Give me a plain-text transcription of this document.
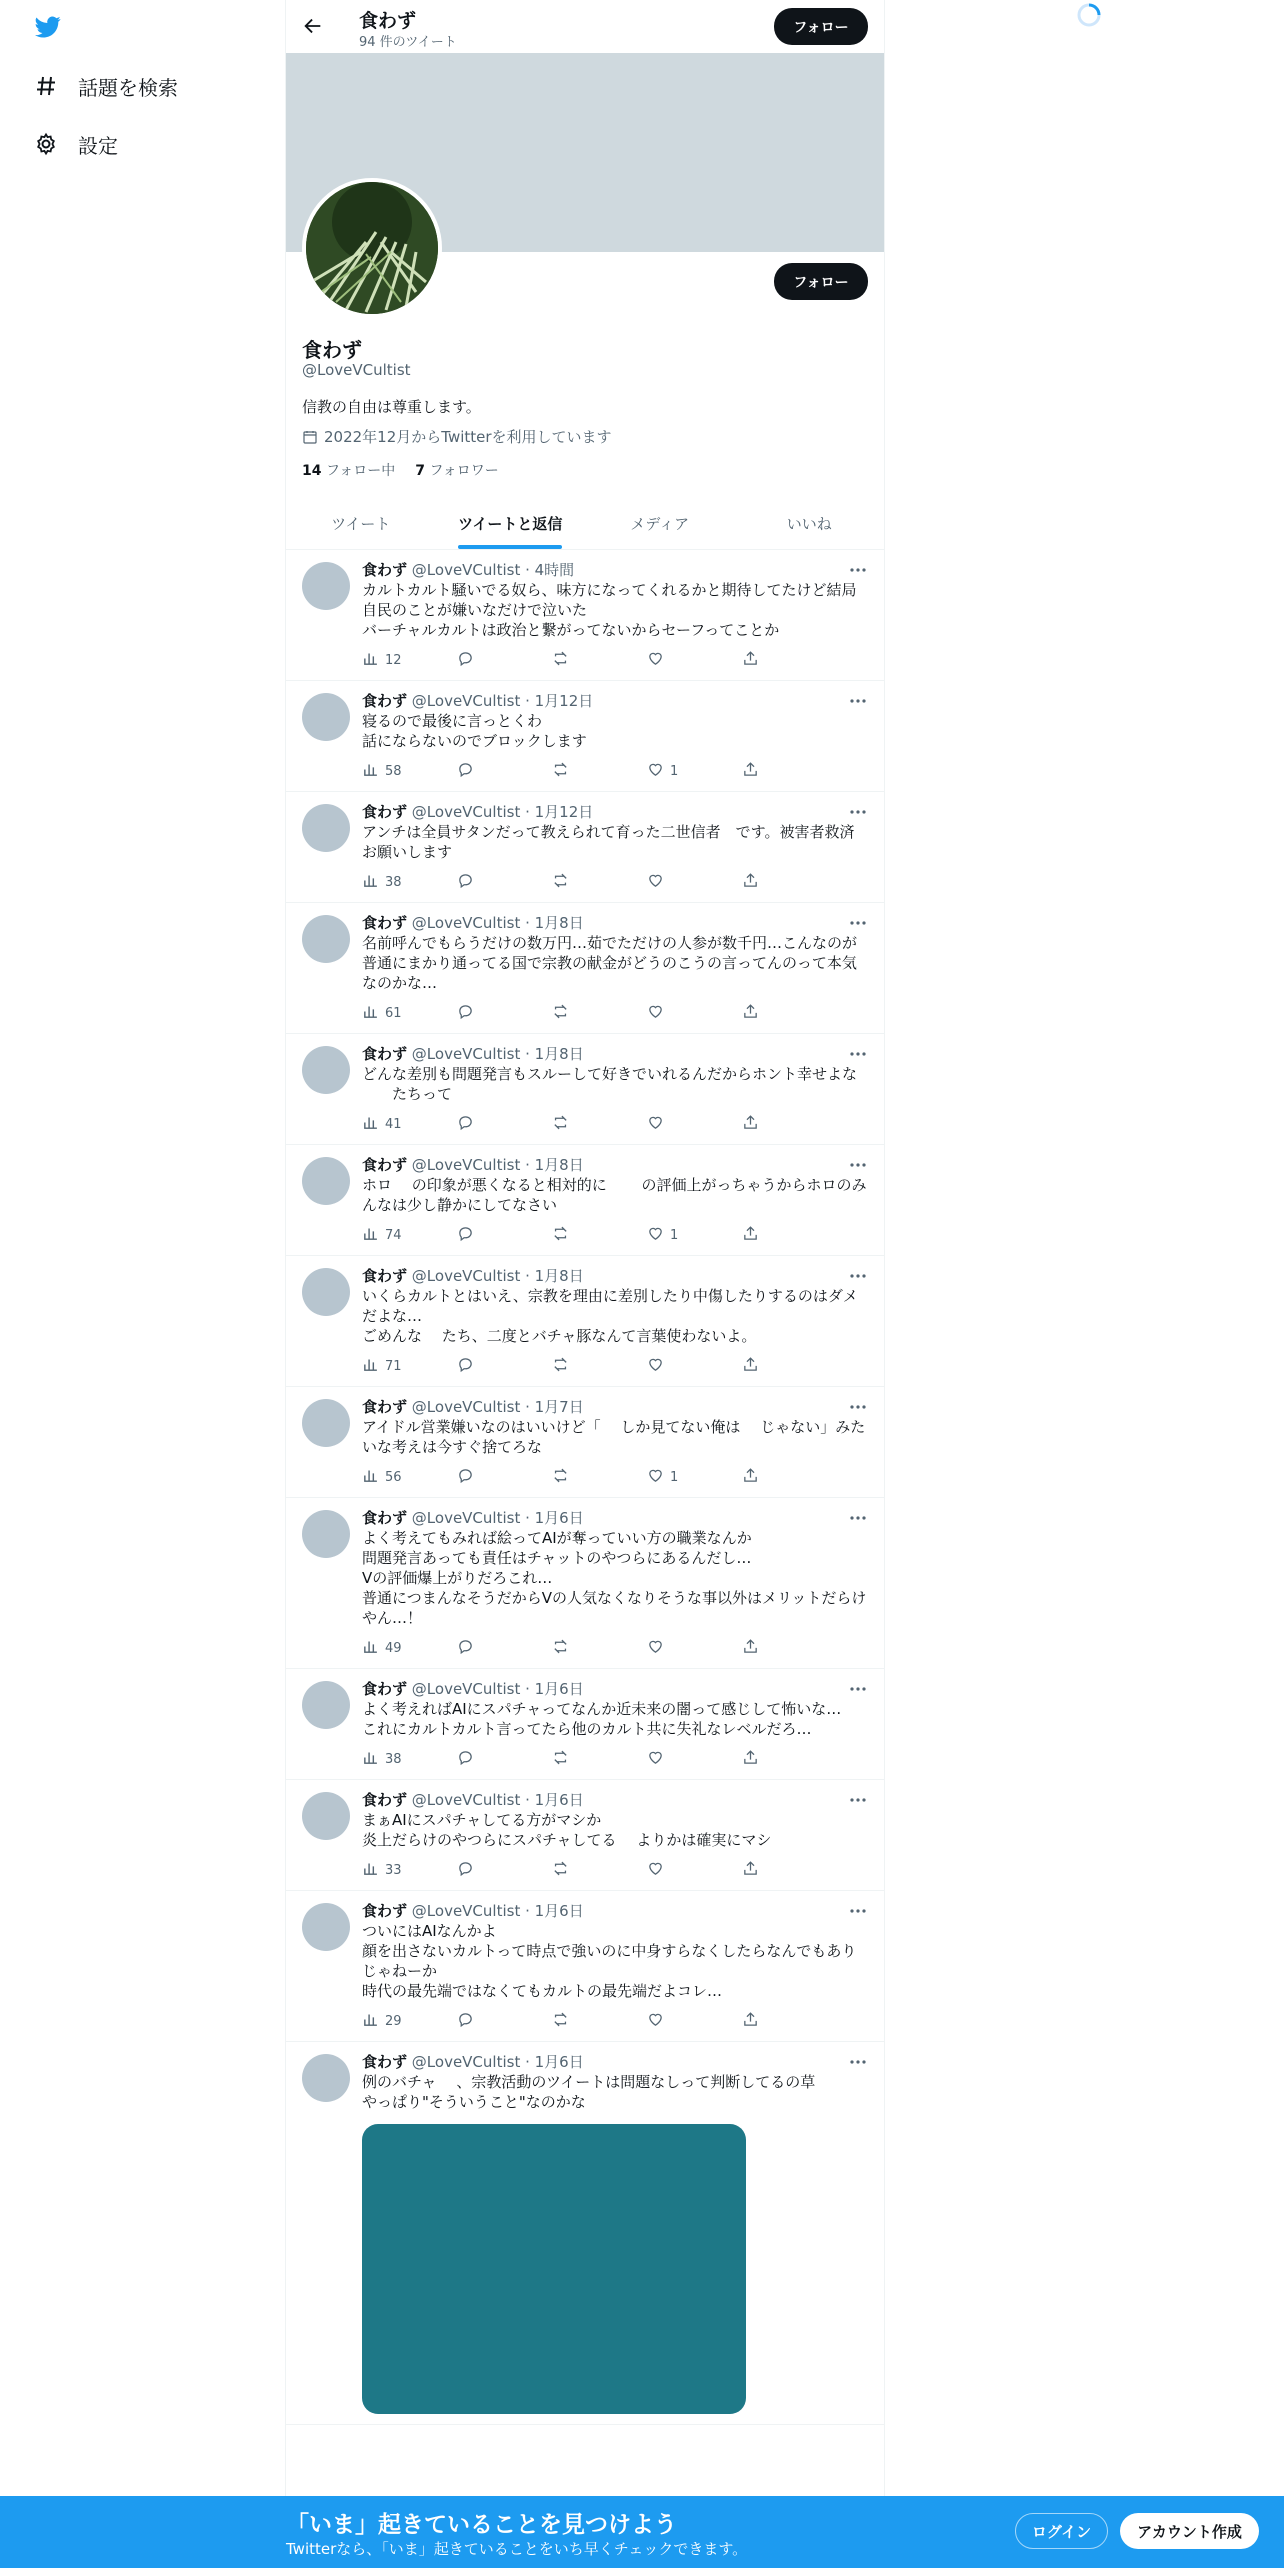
話題を検索
設定
食わず
94 件のツイート
フォロー
フォロー
食わず
@LoveVCultist
信教の自由は尊重します。
2022年12月からTwitterを利用しています
14 フォロー中 7 フォロワー
ツイート	ツイートと返信	メディア	いいね
食わず @LoveVCultist · 4時間
カルトカルト騒いでる奴ら、味方になってくれるかと期待してたけど結局自民のことが嫌いなだけで泣いた
バーチャルカルトは政治と繋がってないからセーフってことか
12
食わず @LoveVCultist · 1月12日
寝るので最後に言っとくわ
話にならないのでブロックします
58	1
食わず @LoveVCultist · 1月12日
アンチは全員サタンだって教えられて育った二世信者　です。被害者救済お願いします
38
食わず @LoveVCultist · 1月8日
名前呼んでもらうだけの数万円…茹でただけの人参が数千円…こんなのが普通にまかり通ってる国で宗教の献金がどうのこうの言ってんのって本気なのかな…
61
食わず @LoveVCultist · 1月8日
どんな差別も問題発言もスルーして好きでいれるんだからホント幸せよな
　　たちって
41
食わず @LoveVCultist · 1月8日
ホロ　 の印象が悪くなると相対的に　　 の評価上がっちゃうからホロのみんなは少し静かにしてなさい
74	1
食わず @LoveVCultist · 1月8日
いくらカルトとはいえ、宗教を理由に差別したり中傷したりするのはダメだよな…
ごめんな　 たち、二度とバチャ豚なんて言葉使わないよ。
71
食わず @LoveVCultist · 1月7日
アイドル営業嫌いなのはいいけど「　 しか見てない俺は　 じゃない」みたいな考えは今すぐ捨てろな
56	1
食わず @LoveVCultist · 1月6日
よく考えてもみれば絵ってAIが奪っていい方の職業なんか
問題発言あっても責任はチャットのやつらにあるんだし…
Vの評価爆上がりだろこれ…
普通につまんなそうだからVの人気なくなりそうな事以外はメリットだらけやん…！
49
食わず @LoveVCultist · 1月6日
よく考えればAIにスパチャってなんか近未来の闇って感じして怖いな…
これにカルトカルト言ってたら他のカルト共に失礼なレベルだろ…
38
食わず @LoveVCultist · 1月6日
まぁAIにスパチャしてる方がマシか
炎上だらけのやつらにスパチャしてる　 よりかは確実にマシ
33
食わず @LoveVCultist · 1月6日
ついにはAIなんかよ
顔を出さないカルトって時点で強いのに中身すらなくしたらなんでもありじゃねーか
時代の最先端ではなくてもカルトの最先端だよコレ…
29
食わず @LoveVCultist · 1月6日
例のバチャ　 、宗教活動のツイートは問題なしって判断してるの草
やっぱり"そういうこと"なのかな
「いま」起きていることを見つけよう
Twitterなら、「いま」起きていることをいち早くチェックできます。
ログイン	アカウント作成
